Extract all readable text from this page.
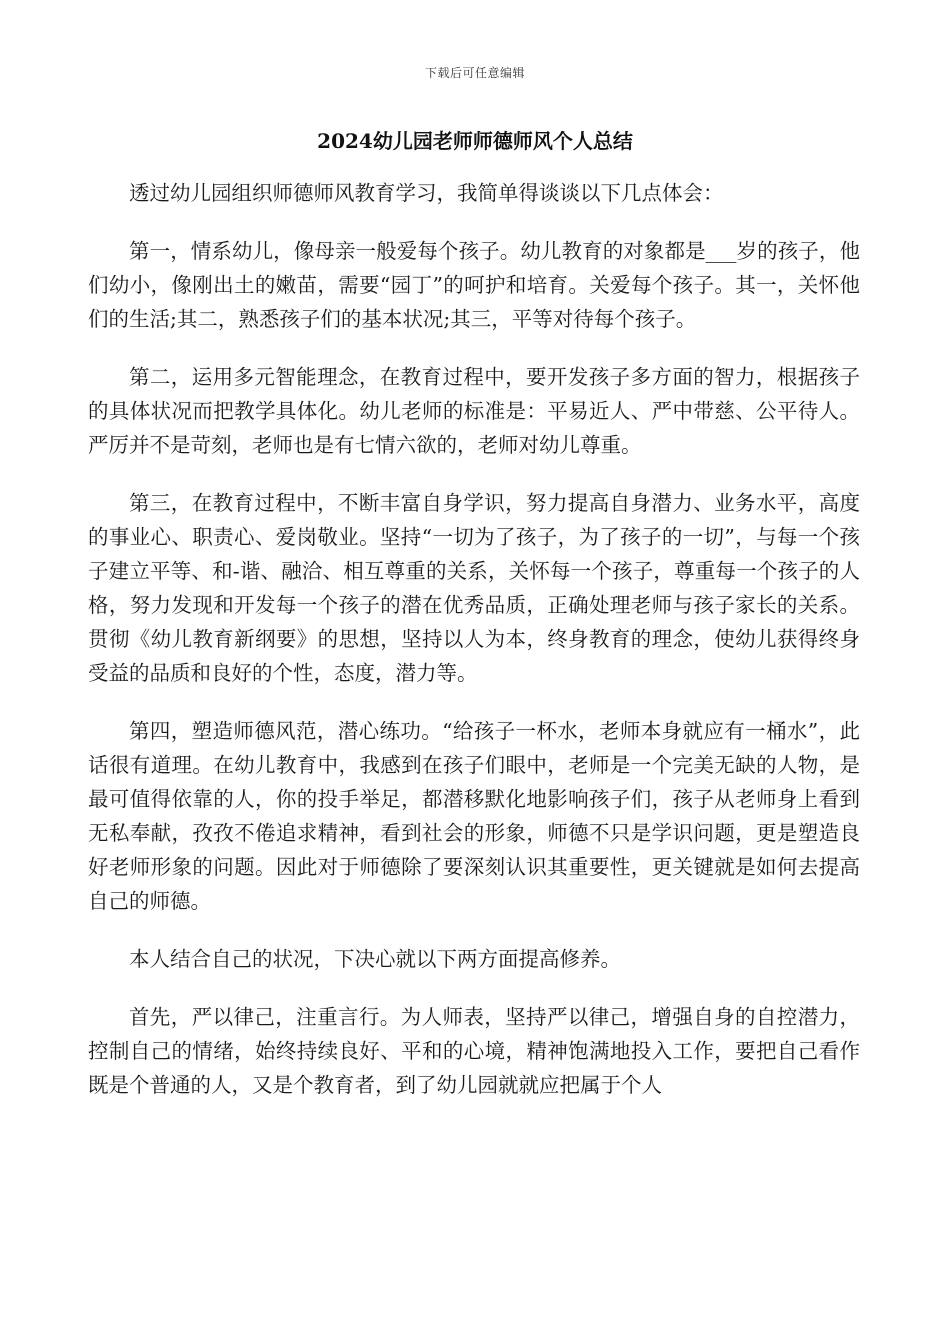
下载后可任意编辑
2024幼儿园老师师德师风个人总结

透过幼儿园组织师德师风教育学习，我简单得谈谈以下几点体会：

第一，情系幼儿，像母亲一般爱每个孩子。幼儿教育的对象都是___岁的孩子，他们幼小，像刚出土的嫩苗，需要“园丁”的呵护和培育。关爱每个孩子。其一，关怀他们的生活;其二，熟悉孩子们的基本状况;其三，平等对待每个孩子。

第二，运用多元智能理念，在教育过程中，要开发孩子多方面的智力，根据孩子的具体状况而把教学具体化。幼儿老师的标准是：平易近人、严中带慈、公平待人。严厉并不是苛刻，老师也是有七情六欲的，老师对幼儿尊重。

第三，在教育过程中，不断丰富自身学识，努力提高自身潜力、业务水平，高度的事业心、职责心、爱岗敬业。坚持“一切为了孩子，为了孩子的一切”，与每一个孩子建立平等、和-谐、融洽、相互尊重的关系，关怀每一个孩子，尊重每一个孩子的人格，努力发现和开发每一个孩子的潜在优秀品质，正确处理老师与孩子家长的关系。贯彻《幼儿教育新纲要》的思想，坚持以人为本，终身教育的理念，使幼儿获得终身受益的品质和良好的个性，态度，潜力等。

第四，塑造师德风范，潜心练功。“给孩子一杯水，老师本身就应有一桶水”，此话很有道理。在幼儿教育中，我感到在孩子们眼中，老师是一个完美无缺的人物，是最可值得依靠的人，你的投手举足，都潜移默化地影响孩子们，孩子从老师身上看到无私奉献，孜孜不倦追求精神，看到社会的形象，师德不只是学识问题，更是塑造良好老师形象的问题。因此对于师德除了要深刻认识其重要性，更关键就是如何去提高自己的师德。

本人结合自己的状况，下决心就以下两方面提高修养。

首先，严以律己，注重言行。为人师表，坚持严以律己，增强自身的自控潜力，控制自己的情绪，始终持续良好、平和的心境，精神饱满地投入工作，要把自己看作既是个普通的人，又是个教育者，到了幼儿园就就应把属于个人
